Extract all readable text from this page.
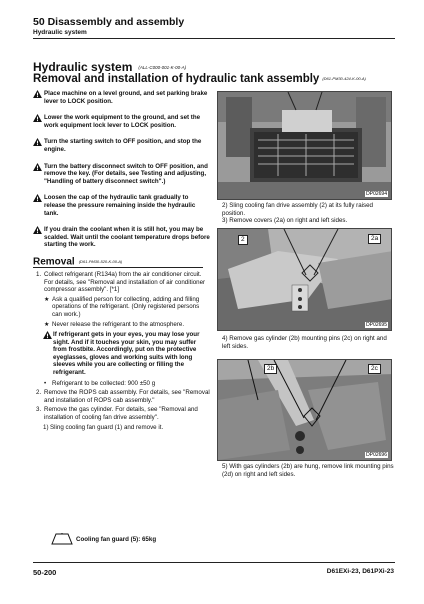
50 Disassembly and assembly
Hydraulic system
Hydraulic system (ALL-C000-001-K-00-A)
Removal and installation of hydraulic tank assembly (D61-PM30-424-K-00-A)
Place machine on a level ground, and set parking brake lever to LOCK position.
Lower the work equipment to the ground, and set the work equipment lock lever to LOCK position.
Turn the starting switch to OFF position, and stop the engine.
Turn the battery disconnect switch to OFF position, and remove the key. (For details, see Testing and adjusting, "Handling of battery disconnect switch".)
Loosen the cap of the hydraulic tank gradually to release the pressure remaining inside the hydraulic tank.
If you drain the coolant when it is still hot, you may be scalded. Wait until the coolant temperature drops before starting the work.
Removal (D61-PM30-520-K-00-A)
1. Collect refrigerant (R134a) from the air conditioner circuit. For details, see "Removal and installation of air conditioner compressor assembly". [*1]
★ Ask a qualified person for collecting, adding and filling operations of the refrigerant. (Only registered persons can work.)
★ Never release the refrigerant to the atmosphere.
If refrigerant gets in your eyes, you may lose your sight. And if it touches your skin, you may suffer from frostbite. Accordingly, put on the protective eyeglasses, gloves and working suits with long sleeves while you are collecting or filling the refrigerant.
• Refrigerant to be collected: 900 ±50 g
2. Remove the ROPS cab assembly. For details, see "Removal and installation of ROPS cab assembly."
3. Remove the gas cylinder. For details, see "Removal and installation of cooling fan drive assembly".
1) Sling cooling fan guard (1) and remove it.
Cooling fan guard (5): 65kg
DP02694
2) Sling cooling fan drive assembly (2) at its fully raised position.
3) Remove covers (2a) on right and left sides.
2	2a
DP02695
4) Remove gas cylinder (2b) mounting pins (2c) on right and left sides.
2b	2c
DP02696
5) With gas cylinders (2b) are hung, remove link mounting pins (2d) on right and left sides.
50-200	D61EXi-23, D61PXi-23
